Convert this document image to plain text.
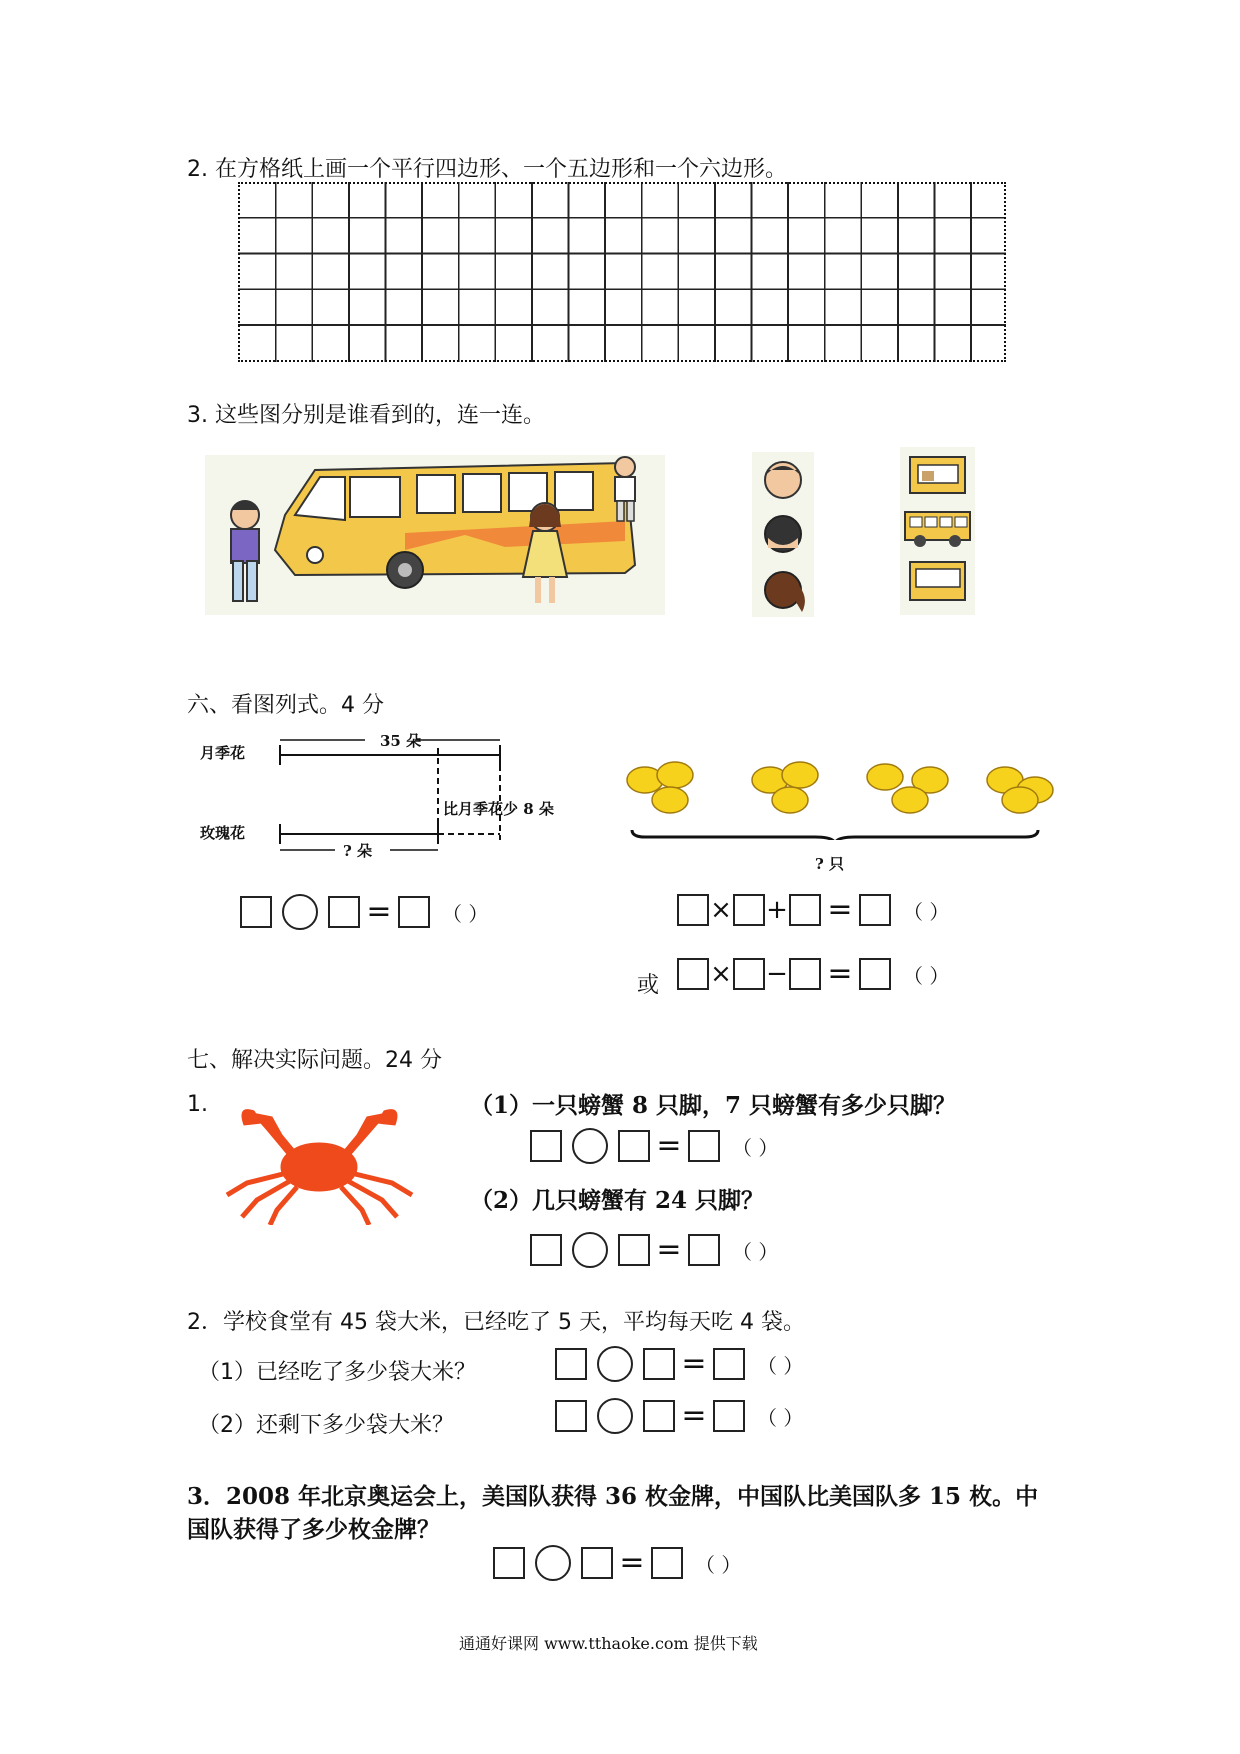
2. 在方格纸上画一个平行四边形、一个五边形和一个六边形。
3. 这些图分别是谁看到的，连一连。
六、看图列式。4 分
月季花
玫瑰花
35 朵
比月季花少 8 朵
? 朵
=	（ ）
? 只
× + =	（ ）
或 × − =	（ ）
七、解决实际问题。24 分
1.	（1）一只螃蟹 8 只脚，7 只螃蟹有多少只脚？
=	（ ）
（2）几只螃蟹有 24 只脚？
=	（ ）
2．学校食堂有 45 袋大米，已经吃了 5 天，平均每天吃 4 袋。
（1）已经吃了多少袋大米？	=	（ ）
（2）还剩下多少袋大米？	=	（ ）
3．2008 年北京奥运会上，美国队获得 36 枚金牌，中国队比美国队多 15 枚。中
国队获得了多少枚金牌？
=	（ ）
通通好课网 www.tthaoke.com 提供下载
